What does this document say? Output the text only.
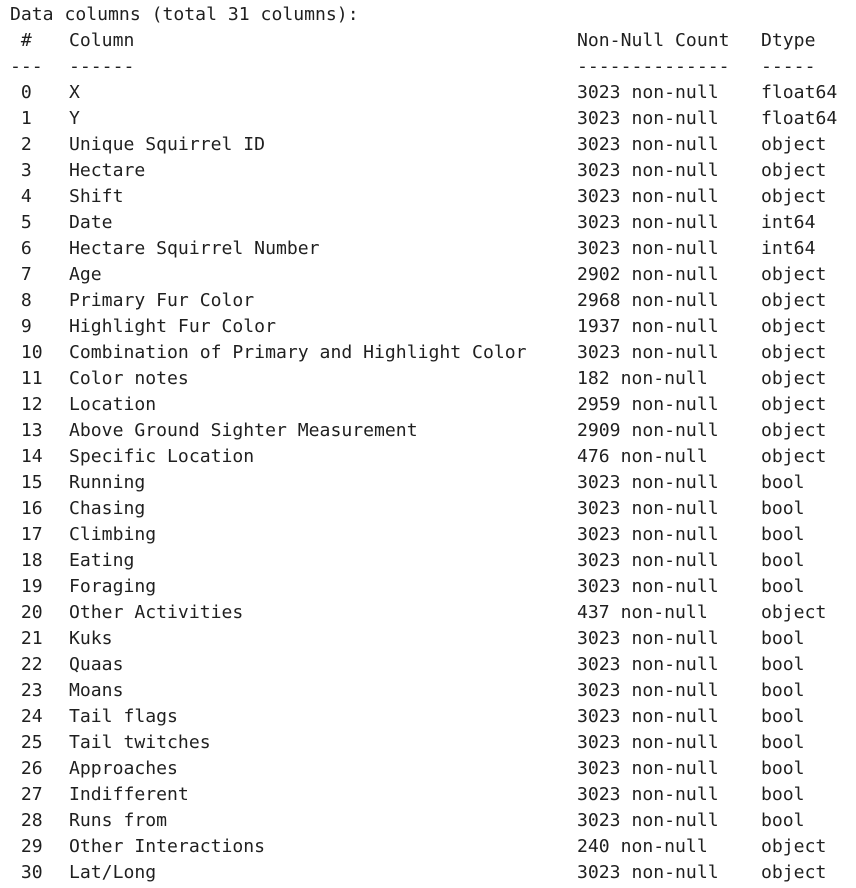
Data columns (total 31 columns):
# Column	Non-Null Count Dtype
--- ------	-------------- -----
0 X	3023 non-null float64
1 Y	3023 non-null float64
2 Unique Squirrel ID	3023 non-null object
3 Hectare	3023 non-null object
4 Shift	3023 non-null object
5 Date	3023 non-null int64
6 Hectare Squirrel Number	3023 non-null int64
7 Age	2902 non-null object
8 Primary Fur Color	2968 non-null object
9 Highlight Fur Color	1937 non-null object
10 Combination of Primary and Highlight Color	3023 non-null object
11 Color notes	182 non-null	object
12 Location	2959 non-null object
13 Above Ground Sighter Measurement	2909 non-null object
14 Specific Location	476 non-null	object
15 Running	3023 non-null bool
16 Chasing	3023 non-null bool
17 Climbing	3023 non-null bool
18 Eating	3023 non-null bool
19 Foraging	3023 non-null bool
20 Other Activities	437 non-null	object
21 Kuks	3023 non-null bool
22 Quaas	3023 non-null bool
23 Moans	3023 non-null bool
24 Tail flags	3023 non-null bool
25 Tail twitches	3023 non-null bool
26 Approaches	3023 non-null bool
27 Indifferent	3023 non-null bool
28 Runs from	3023 non-null bool
29 Other Interactions	240 non-null	object
30 Lat/Long	3023 non-null object
